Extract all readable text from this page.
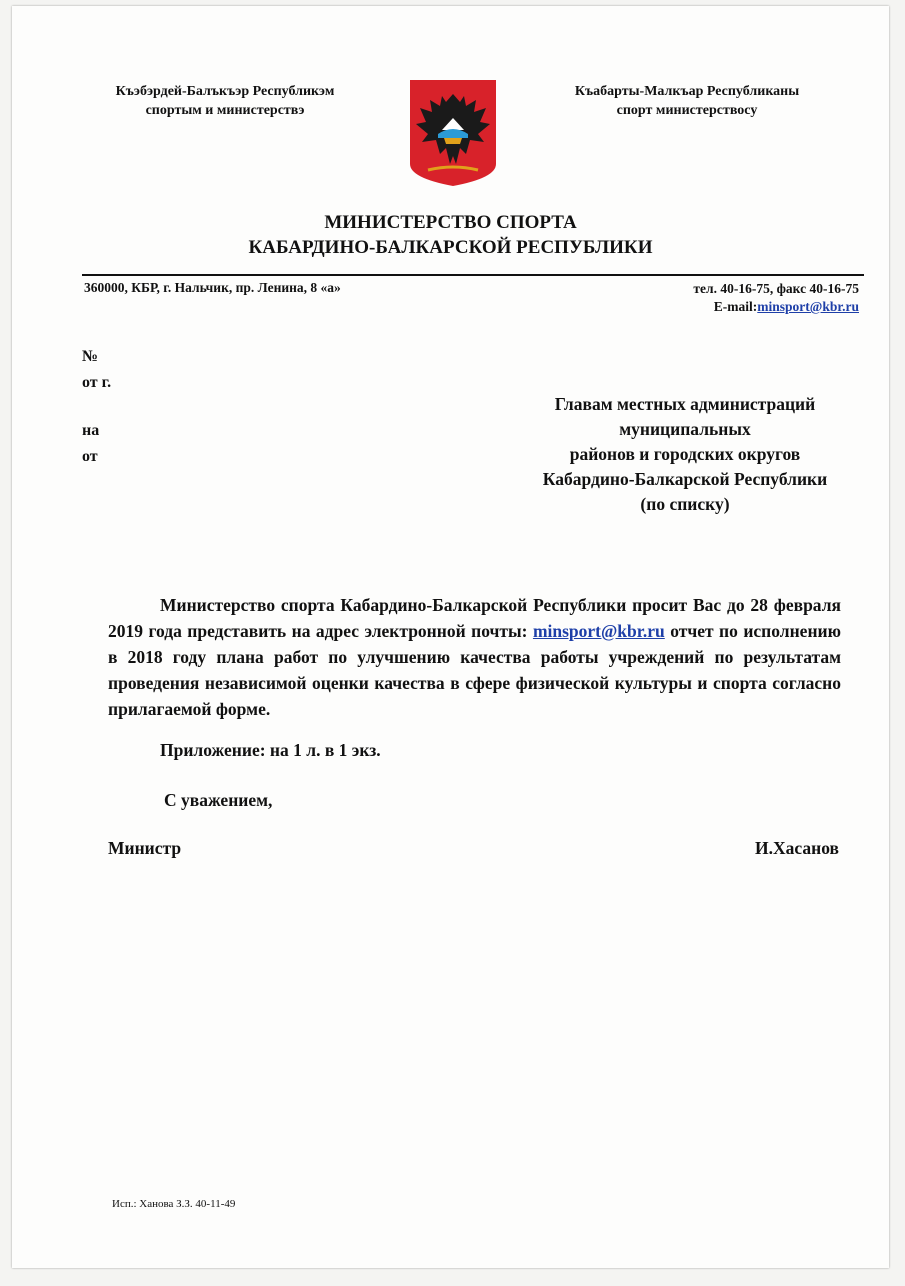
Къэбэрдей-Балъкъэр Республикэм
спортым и министерствэ
Къабарты-Малкъар Республиканы
спорт министерствосу
МИНИСТЕРСТВО СПОРТА
КАБАРДИНО-БАЛКАРСКОЙ РЕСПУБЛИКИ
360000, КБР, г. Нальчик, пр. Ленина, 8 «а»	тел. 40-16-75, факс 40-16-75
E-mail:minsport@kbr.ru
№
от г.
на
от
Главам местных администраций
муниципальных
районов и городских округов
Кабардино-Балкарской Республики
(по списку)
Министерство спорта Кабардино-Балкарской Республики просит Вас до 28 февраля 2019 года представить на адрес электронной почты: minsport@kbr.ru отчет по исполнению в 2018 году плана работ по улучшению качества работы учреждений по результатам проведения независимой оценки качества в сфере физической культуры и спорта согласно прилагаемой форме.
Приложение: на 1 л. в 1 экз.
С уважением,
Министр	И.Хасанов
Исп.: Ханова З.З. 40-11-49
